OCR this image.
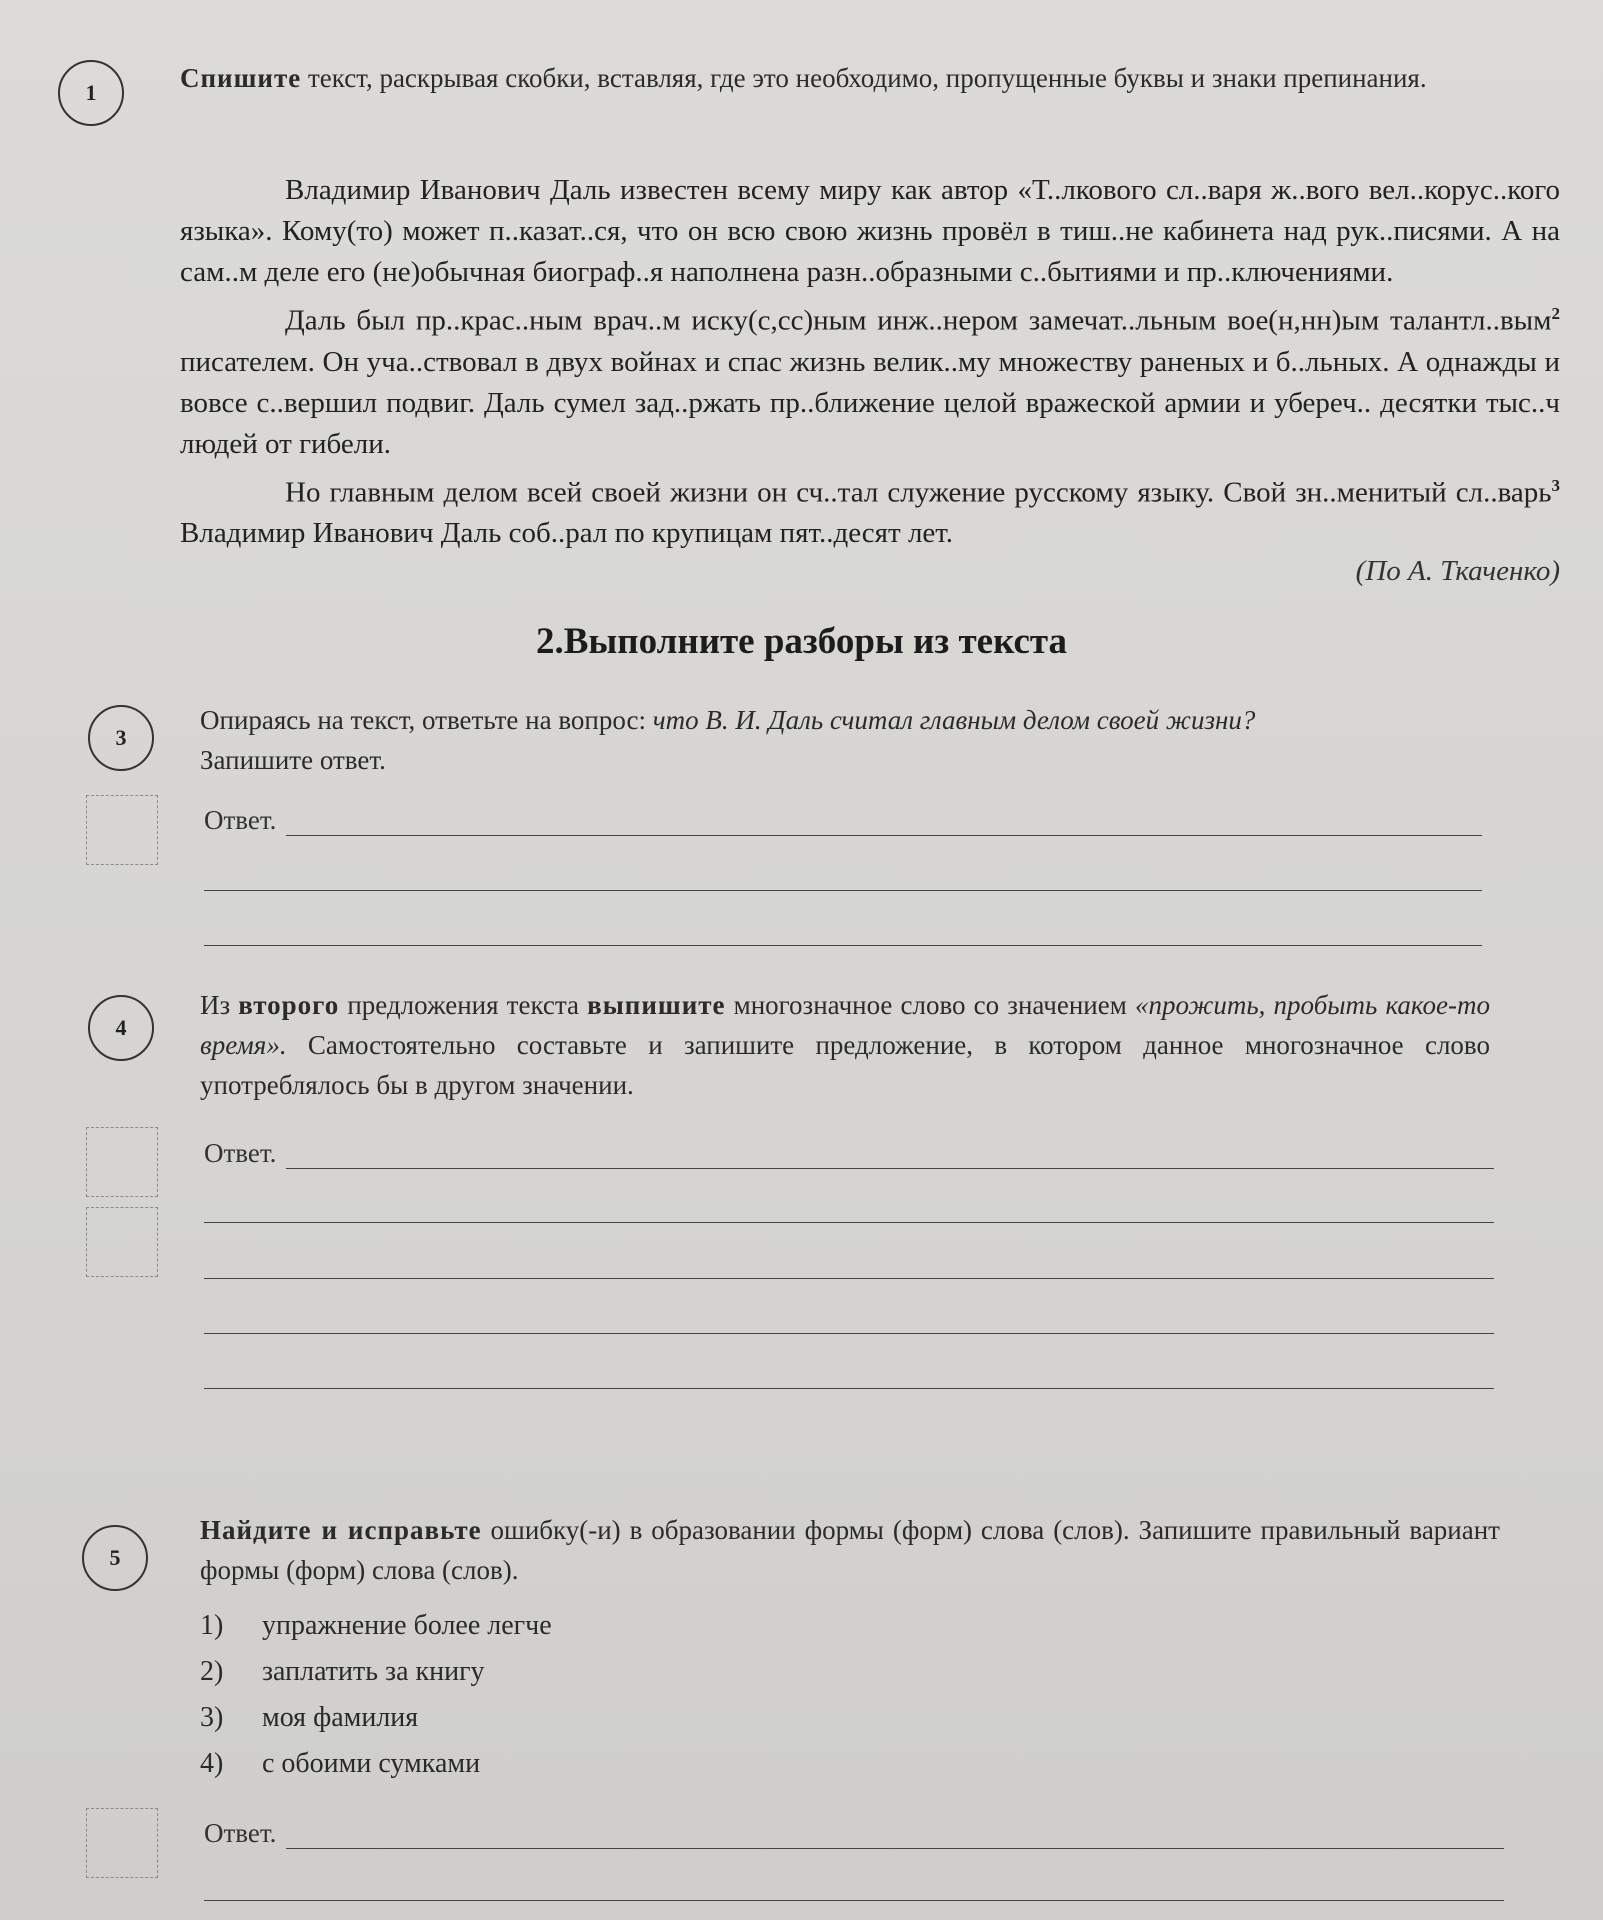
1	Спишите текст, раскрывая скобки, вставляя, где это необходимо, пропущенные буквы и знаки препинания.

Владимир Иванович Даль известен всему миру как автор «Т..лкового сл..варя ж..вого вел..корус..кого языка». Кому(то) может п..казат..ся, что он всю свою жизнь провёл в тиш..не кабинета над рук..писями. А на сам..м деле его (не)обычная биограф..я наполнена разн..образными с..бытиями и пр..ключениями.

Даль был пр..крас..ным врач..м иску(с,сс)ным инж..нером замечат..льным вое(н,нн)ым талантл..вым$^2$ писателем. Он уча..ствовал в двух войнах и спас жизнь велик..му множеству раненых и б..льных. А однажды и вовсе с..вершил подвиг. Даль сумел зад..ржать пр..ближение целой вражеской армии и убереч.. десятки тыс..ч людей от гибели.

Но главным делом всей своей жизни он сч..тал служение русскому языку. Свой зн..менитый сл..варь$^3$ Владимир Иванович Даль соб..рал по крупицам пят..десят лет.

(По А. Ткаченко)
2.Выполните разборы из текста
3
Опираясь на текст, ответьте на вопрос: что В. И. Даль считал главным делом своей жизни?
Запишите ответ.
Ответ.
4
Из второго предложения текста выпишите многозначное слово со значением «прожить, пробыть какое-то время». Самостоятельно составьте и запишите предложение, в котором данное многозначное слово употреблялось бы в другом значении.
Ответ.
5
Найдите и исправьте ошибку(-и) в образовании формы (форм) слова (слов). Запишите правильный вариант формы (форм) слова (слов).
1) упражнение более легче
2) заплатить за книгу
3) моя фамилия
4) с обоими сумками
Ответ.
